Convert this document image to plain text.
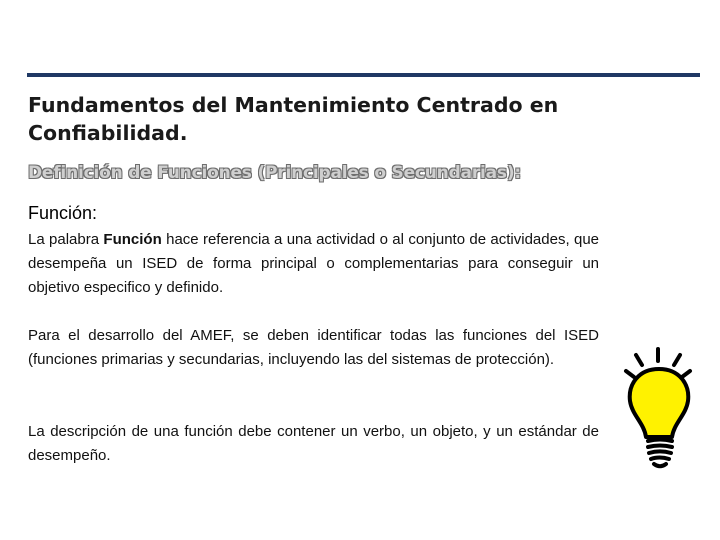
Fundamentos del Mantenimiento Centrado en Confiabilidad.
Definición de Funciones (Principales o Secundarias):
Función:

La palabra Función hace referencia a una actividad o al conjunto de actividades, que desempeña un ISED de forma principal o complementarias para conseguir un objetivo especifico y definido.

Para el desarrollo del AMEF, se deben identificar todas las funciones del ISED (funciones primarias y secundarias, incluyendo las del sistemas de protección).

La descripción de una función debe contener un verbo, un objeto, y un estándar de desempeño.
